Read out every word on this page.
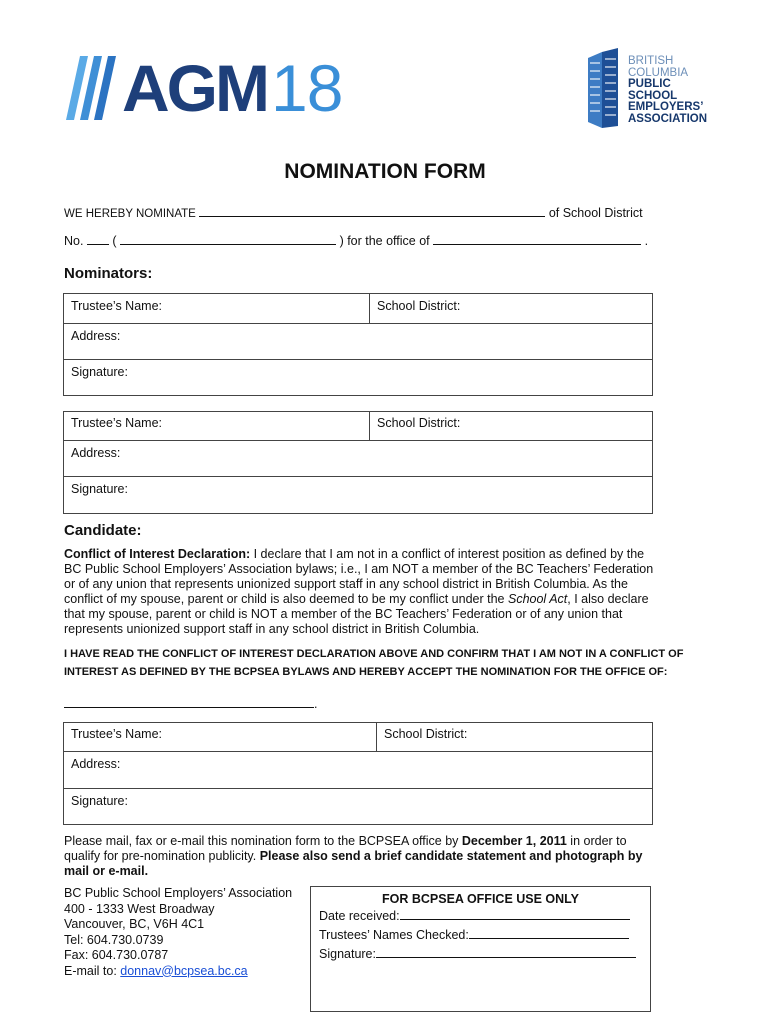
AGM 18	BRITISH
COLUMBIA
PUBLIC
SCHOOL
EMPLOYERS’
ASSOCIATION
NOMINATION FORM
WE HEREBY NOMINATE	of School District
No. (	) for the office of	.
Nominators:
Trustee’s Name:	School District:
Address:
Signature:
Trustee’s Name:	School District:
Address:
Signature:
Candidate:
Conflict of Interest Declaration: I declare that I am not in a conflict of interest position as defined by the BC Public School Employers’ Association bylaws; i.e., I am NOT a member of the BC Teachers’ Federation or of any union that represents unionized support staff in any school district in British Columbia. As the conflict of my spouse, parent or child is also deemed to be my conflict under the School Act, I also declare that my spouse, parent or child is NOT a member of the BC Teachers’ Federation or of any union that represents unionized support staff in any school district in British Columbia.
I HAVE READ THE CONFLICT OF INTEREST DECLARATION ABOVE AND CONFIRM THAT I AM NOT IN A CONFLICT OF
INTEREST AS DEFINED BY THE BCPSEA BYLAWS AND HEREBY ACCEPT THE NOMINATION FOR THE OFFICE OF:
.
Trustee’s Name:	School District:
Address:
Signature:
Please mail, fax or e-mail this nomination form to the BCPSEA office by December 1, 2011 in order to qualify for pre-nomination publicity. Please also send a brief candidate statement and photograph by mail or e-mail.
BC Public School Employers’ Association
400 - 1333 West Broadway
Vancouver, BC, V6H 4C1
Tel: 604.730.0739
Fax: 604.730.0787
E-mail to: donnav@bcpsea.bc.ca
FOR BCPSEA OFFICE USE ONLY
Date received:
Trustees’ Names Checked:
Signature:
